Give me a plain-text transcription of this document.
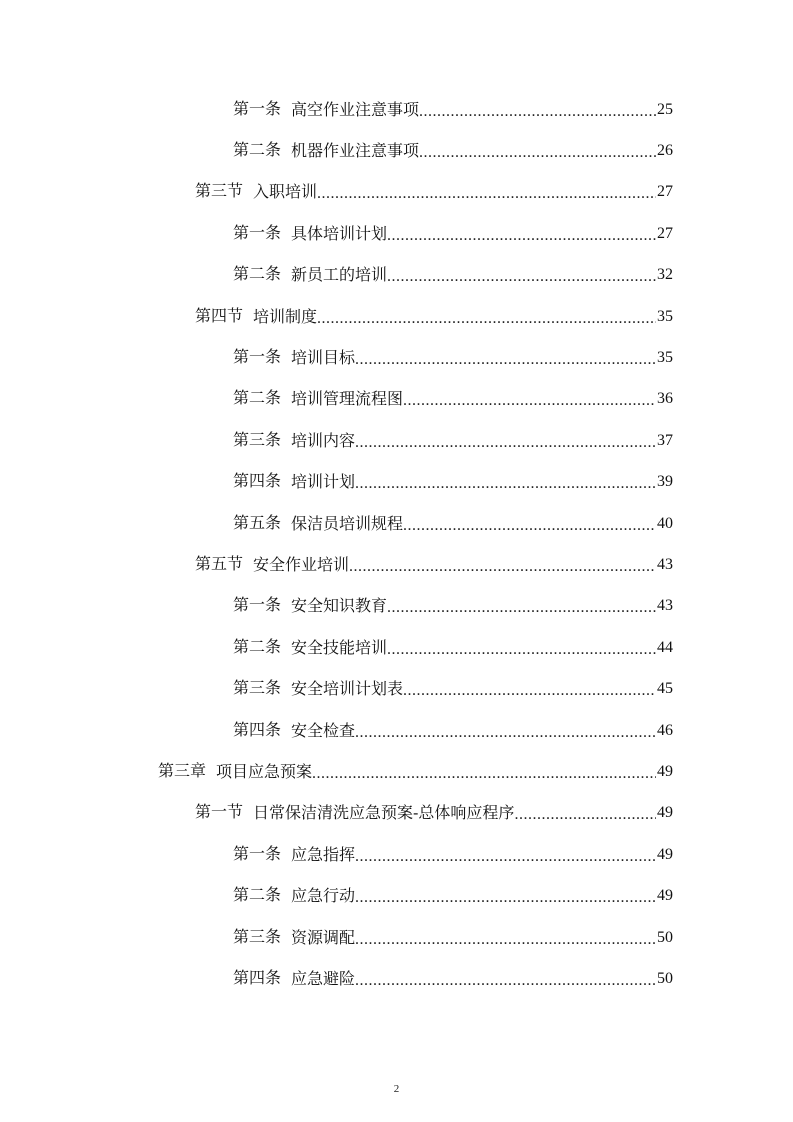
第一条 高空作业注意事项 .....	25
第二条 机器作业注意事项 .....	26
第三节 入职培训 .....	27
第一条 具体培训计划 .....	27
第二条 新员工的培训 .....	32
第四节 培训制度 .....	35
第一条 培训目标 .....	35
第二条 培训管理流程图 .....	36
第三条 培训内容 .....	37
第四条 培训计划 .....	39
第五条 保洁员培训规程 .....	40
第五节 安全作业培训 .....	43
第一条 安全知识教育 .....	43
第二条 安全技能培训 .....	44
第三条 安全培训计划表 .....	45
第四条 安全检查 .....	46
第三章 项目应急预案 .....	49
第一节 日常保洁清洗应急预案-总体响应程序 .....	49
第一条 应急指挥 .....	49
第二条 应急行动 .....	49
第三条 资源调配 .....	50
第四条 应急避险 .....	50
2
